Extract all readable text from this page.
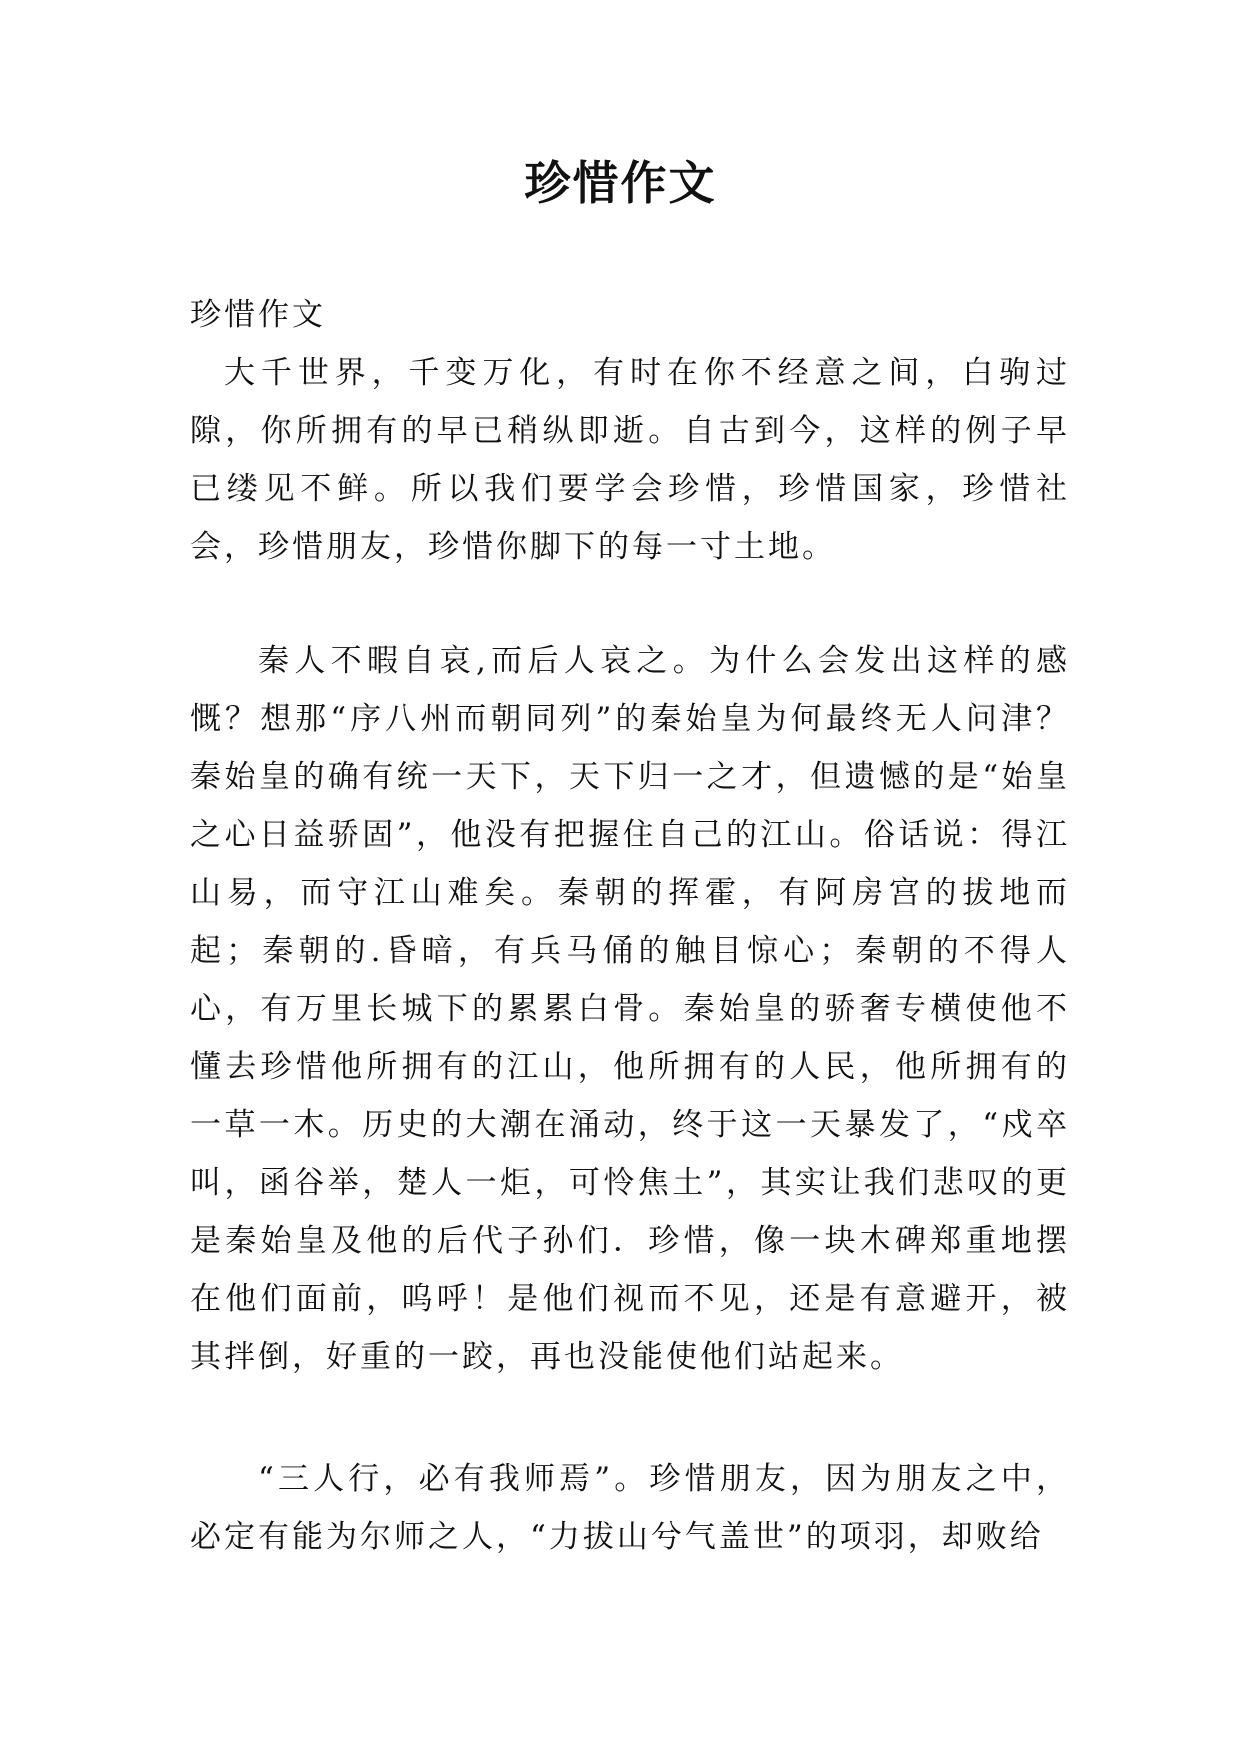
珍惜作文

珍惜作文

大千世界，千变万化，有时在你不经意之间，白驹过隙，你所拥有的早已稍纵即逝。自古到今，这样的例子早已缕见不鲜。所以我们要学会珍惜，珍惜国家，珍惜社会，珍惜朋友，珍惜你脚下的每一寸土地。

秦人不暇自哀,而后人哀之。为什么会发出这样的感慨？想那“序八州而朝同列”的秦始皇为何最终无人问津？秦始皇的确有统一天下，天下归一之才，但遗憾的是“始皇之心日益骄固”，他没有把握住自己的江山。俗话说：得江山易，而守江山难矣。秦朝的挥霍，有阿房宫的拔地而起；秦朝的.昏暗，有兵马俑的触目惊心；秦朝的不得人心，有万里长城下的累累白骨。秦始皇的骄奢专横使他不懂去珍惜他所拥有的江山，他所拥有的人民，他所拥有的一草一木。历史的大潮在涌动，终于这一天暴发了，“戍卒叫，函谷举，楚人一炬，可怜焦土”，其实让我们悲叹的更是秦始皇及他的后代子孙们．珍惜，像一块木碑郑重地摆在他们面前，呜呼！是他们视而不见，还是有意避开，被其拌倒，好重的一跤，再也没能使他们站起来。

“三人行，必有我师焉”。珍惜朋友，因为朋友之中，必定有能为尔师之人，“力拔山兮气盖世”的项羽，却败给
